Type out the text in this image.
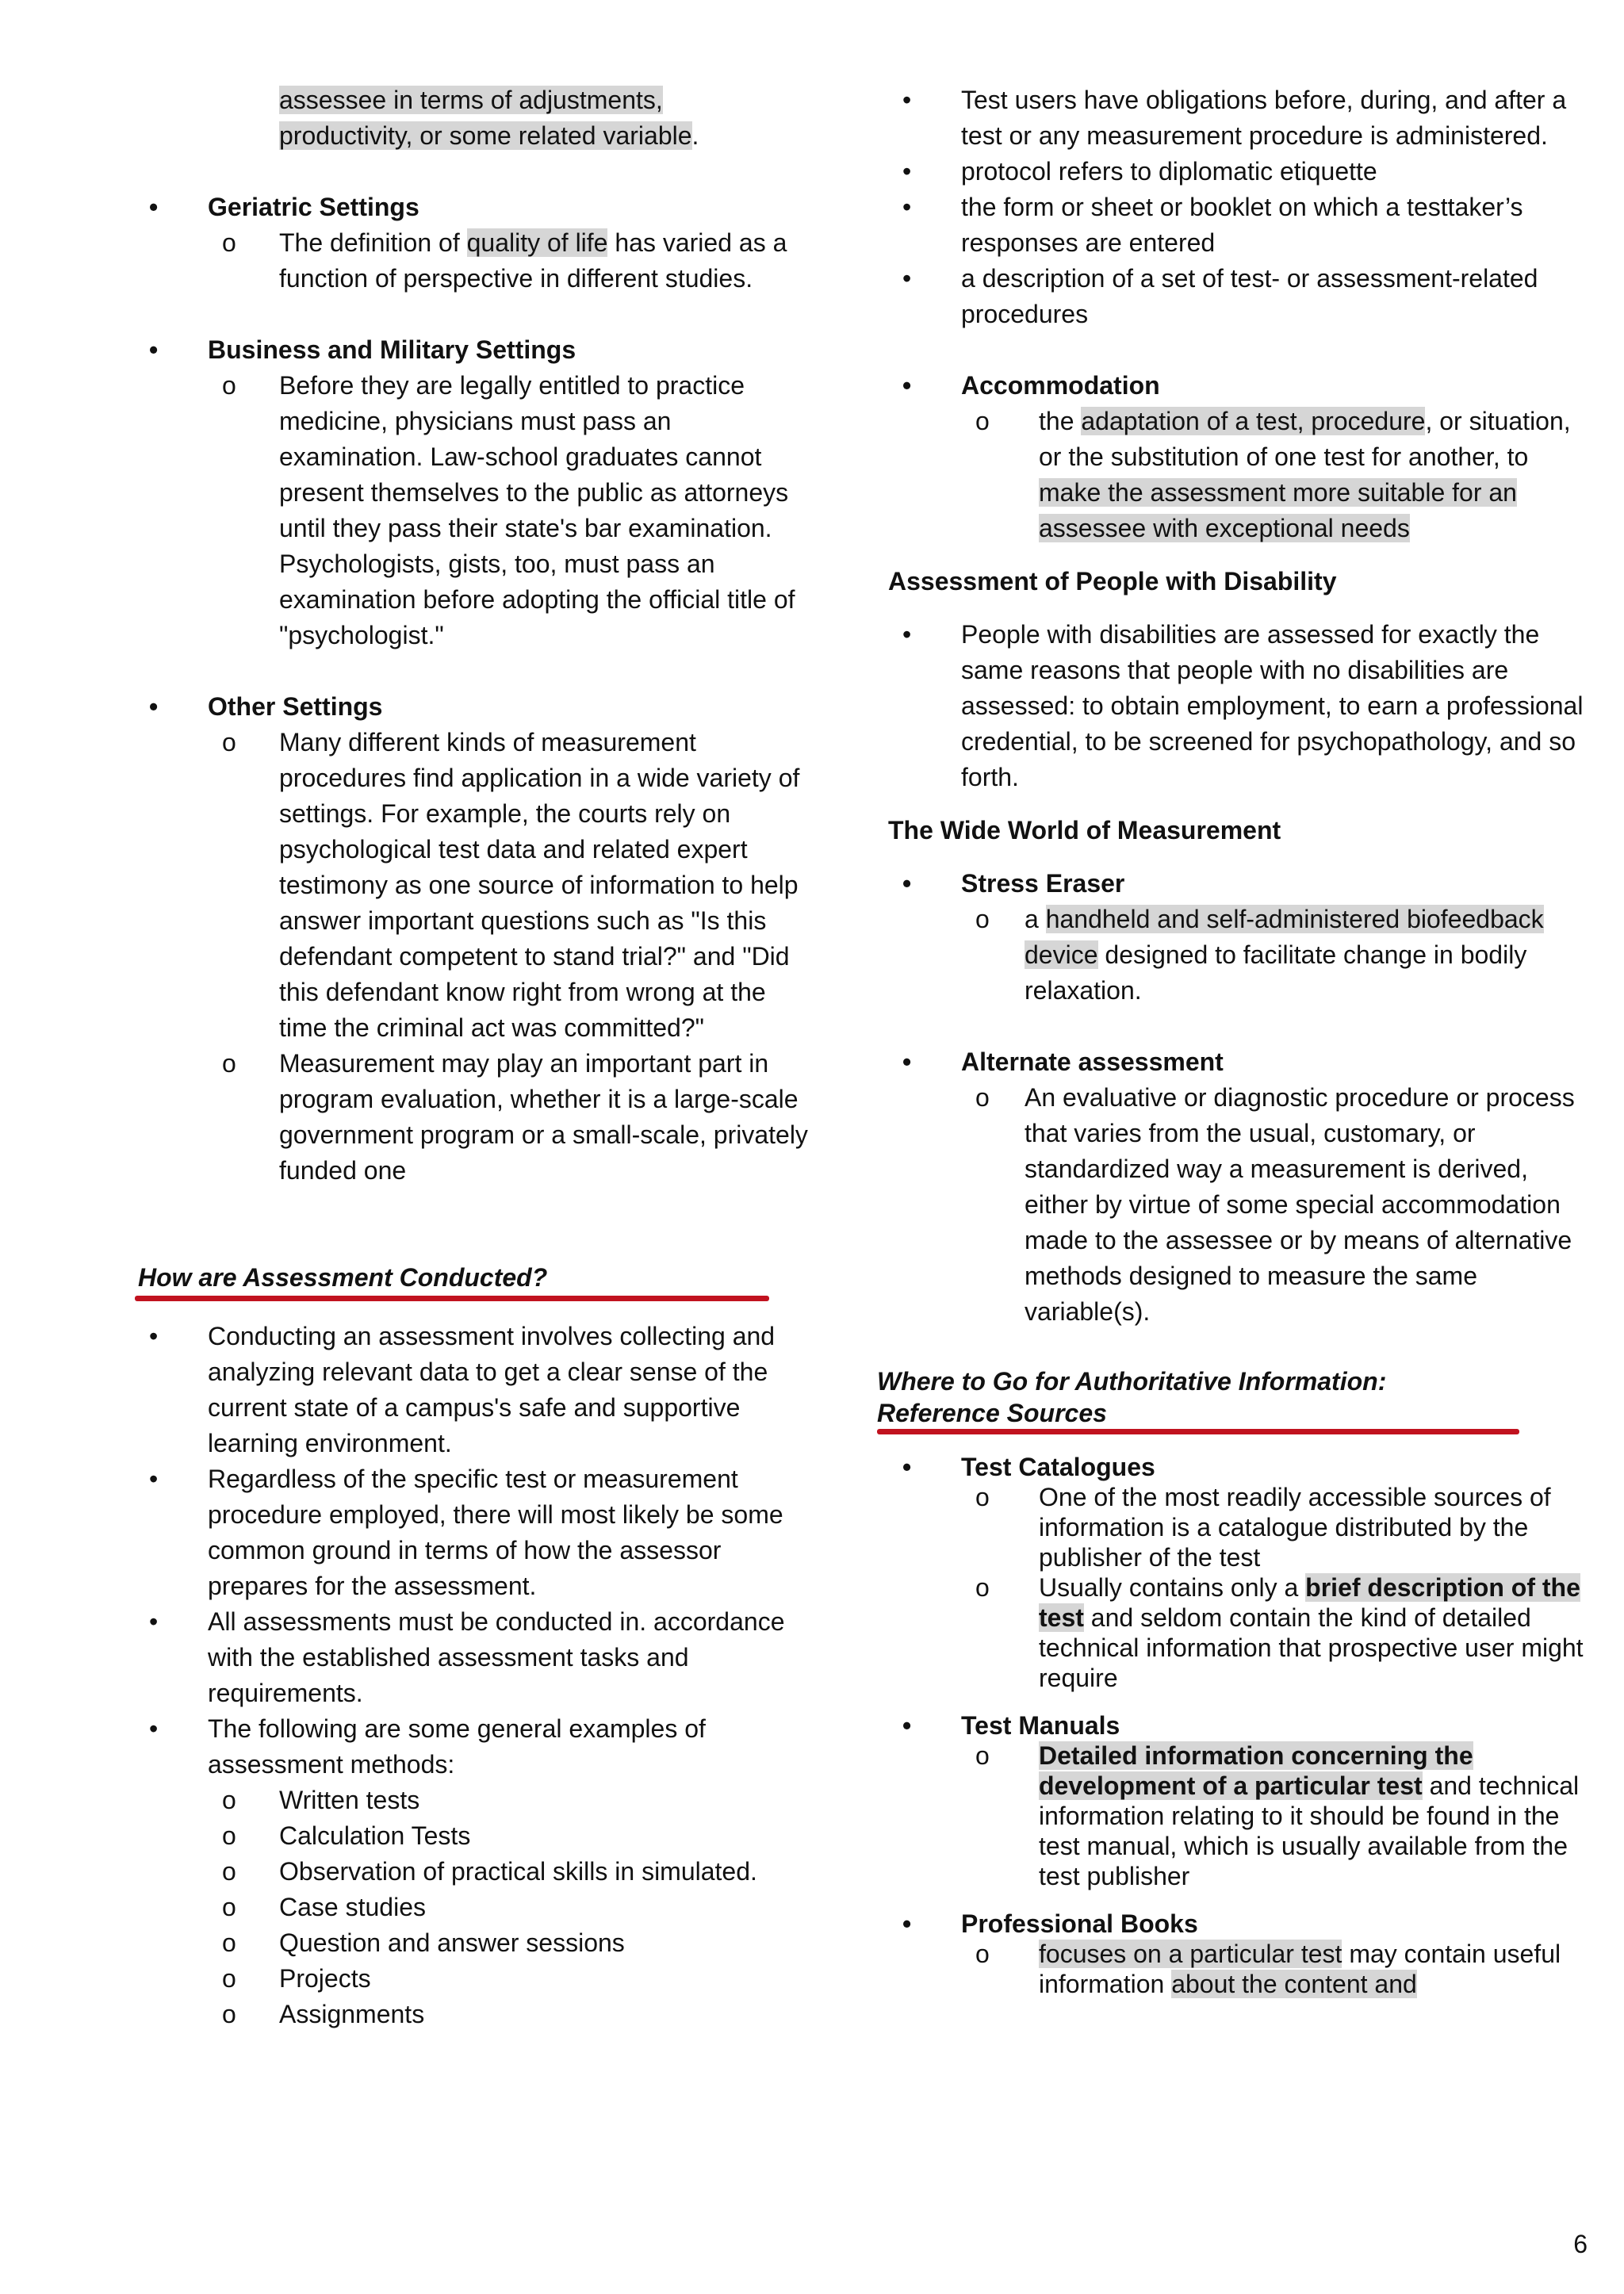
assessee in terms of adjustments,
productivity, or some related variable.
• Geriatric Settings
o The definition of quality of life has varied as a function of perspective in different studies.
• Business and Military Settings
o Before they are legally entitled to practice medicine, physicians must pass an examination. Law-school graduates cannot present themselves to the public as attorneys until they pass their state's bar examination. Psychologists, gists, too, must pass an examination before adopting the official title of "psychologist."
• Other Settings
o Many different kinds of measurement procedures find application in a wide variety of settings. For example, the courts rely on psychological test data and related expert testimony as one source of information to help answer important questions such as "Is this defendant competent to stand trial?" and "Did this defendant know right from wrong at the time the criminal act was committed?"
o Measurement may play an important part in program evaluation, whether it is a large-scale government program or a small-scale, privately funded one
How are Assessment Conducted?
• Conducting an assessment involves collecting and analyzing relevant data to get a clear sense of the current state of a campus's safe and supportive learning environment.
• Regardless of the specific test or measurement procedure employed, there will most likely be some common ground in terms of how the assessor prepares for the assessment.
• All assessments must be conducted in. accordance with the established assessment tasks and requirements.
• The following are some general examples of assessment methods:
o Written tests
o Calculation Tests
o Observation of practical skills in simulated.
o Case studies
o Question and answer sessions
o Projects
o Assignments
• Test users have obligations before, during, and after a test or any measurement procedure is administered.
• protocol refers to diplomatic etiquette
• the form or sheet or booklet on which a testtaker’s responses are entered
• a description of a set of test- or assessment-related procedures
• Accommodation
o the adaptation of a test, procedure, or situation, or the substitution of one test for another, to make the assessment more suitable for an assessee with exceptional needs
Assessment of People with Disability
• People with disabilities are assessed for exactly the same reasons that people with no disabilities are assessed: to obtain employment, to earn a professional credential, to be screened for psychopathology, and so forth.
The Wide World of Measurement
• Stress Eraser
o a handheld and self-administered biofeedback device designed to facilitate change in bodily relaxation.
• Alternate assessment
o An evaluative or diagnostic procedure or process that varies from the usual, customary, or standardized way a measurement is derived, either by virtue of some special accommodation made to the assessee or by means of alternative methods designed to measure the same variable(s).
Where to Go for Authoritative Information: Reference Sources
• Test Catalogues
o One of the most readily accessible sources of information is a catalogue distributed by the publisher of the test
o Usually contains only a brief description of the test and seldom contain the kind of detailed technical information that prospective user might require
• Test Manuals
o Detailed information concerning the development of a particular test and technical information relating to it should be found in the test manual, which is usually available from the test publisher
• Professional Books
o focuses on a particular test may contain useful information about the content and
6
